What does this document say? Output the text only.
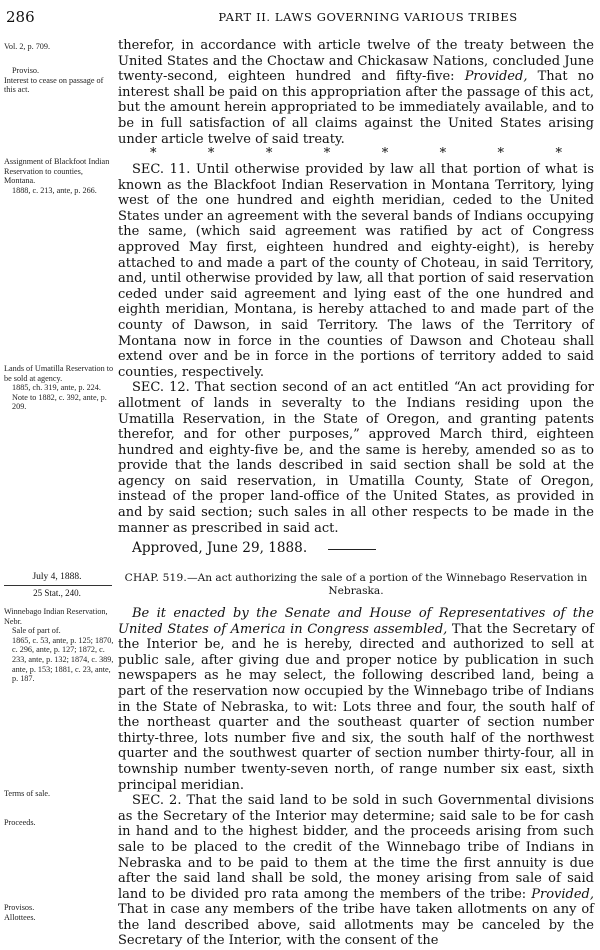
286	PART II. LAWS GOVERNING VARIOUS TRIBES
Vol. 2, p. 709.
Proviso.
Interest to cease on passage of this act.
Assignment of Blackfoot Indian Reservation to counties, Montana.
1888, c. 213, ante, p. 266.
Lands of Umatilla Reservation to be sold at agency.
1885, ch. 319, ante, p. 224.
Note to 1882, c. 392, ante, p. 209.
July 4, 1888.
25 Stat., 240.
Winnebago Indian Reservation, Nebr.
Sale of part of.
1865, c. 53, ante, p. 125; 1870, c. 296, ante, p. 127; 1872, c. 233, ante, p. 132; 1874, c. 389, ante, p. 153; 1881, c. 23, ante, p. 187.
Terms of sale.
Proceeds.
Provisos.
Allottees.

therefor, in accordance with article twelve of the treaty between the United States and the Choctaw and Chickasaw Nations, concluded June twenty-second, eighteen hundred and fifty-five: Provided, That no interest shall be paid on this appropriation after the passage of this act, but the amount herein appropriated to be immediately available, and to be in full satisfaction of all claims against the United States arising under article twelve of said treaty.

*	*	*	*	*	*	*	*

SEC. 11. Until otherwise provided by law all that portion of what is known as the Blackfoot Indian Reservation in Montana Territory, lying west of the one hundred and eighth meridian, ceded to the United States under an agreement with the several bands of Indians occupying the same, (which said agreement was ratified by act of Congress approved May first, eighteen hundred and eighty-eight), is hereby attached to and made a part of the county of Choteau, in said Territory, and, until otherwise provided by law, all that portion of said reservation ceded under said agreement and lying east of the one hundred and eighth meridian, Montana, is hereby attached to and made part of the county of Dawson, in said Territory. The laws of the Territory of Montana now in force in the counties of Dawson and Choteau shall extend over and be in force in the portions of territory added to said counties, respectively.

SEC. 12. That section second of an act entitled “An act providing for allotment of lands in severalty to the Indians residing upon the Umatilla Reservation, in the State of Oregon, and granting patents therefor, and for other purposes,” approved March third, eighteen hundred and eighty-five be, and the same is hereby, amended so as to provide that the lands described in said section shall be sold at the agency on said reservation, in Umatilla County, State of Oregon, instead of the proper land-office of the United States, as provided in and by said section; such sales in all other respects to be made in the manner as prescribed in said act.

Approved, June 29, 1888.

CHAP. 519.—An act authorizing the sale of a portion of the Winnebago Reservation in Nebraska.

Be it enacted by the Senate and House of Representatives of the United States of America in Congress assembled, That the Secretary of the Interior be, and he is hereby, directed and authorized to sell at public sale, after giving due and proper notice by publication in such newspapers as he may select, the following described land, being a part of the reservation now occupied by the Winnebago tribe of Indians in the State of Nebraska, to wit: Lots three and four, the south half of the northeast quarter and the southeast quarter of section number thirty-three, lots number five and six, the south half of the northwest quarter and the southwest quarter of section number thirty-four, all in township number twenty-seven north, of range number six east, sixth principal meridian.

SEC. 2. That the said land to be sold in such Governmental divisions as the Secretary of the Interior may determine; said sale to be for cash in hand and to the highest bidder, and the proceeds arising from such sale to be placed to the credit of the Winnebago tribe of Indians in Nebraska and to be paid to them at the time the first annuity is due after the said land shall be sold, the money arising from sale of said land to be divided pro rata among the members of the tribe: Provided, That in case any members of the tribe have taken allotments on any of the land described above, said allotments may be canceled by the Secretary of the Interior, with the consent of the
